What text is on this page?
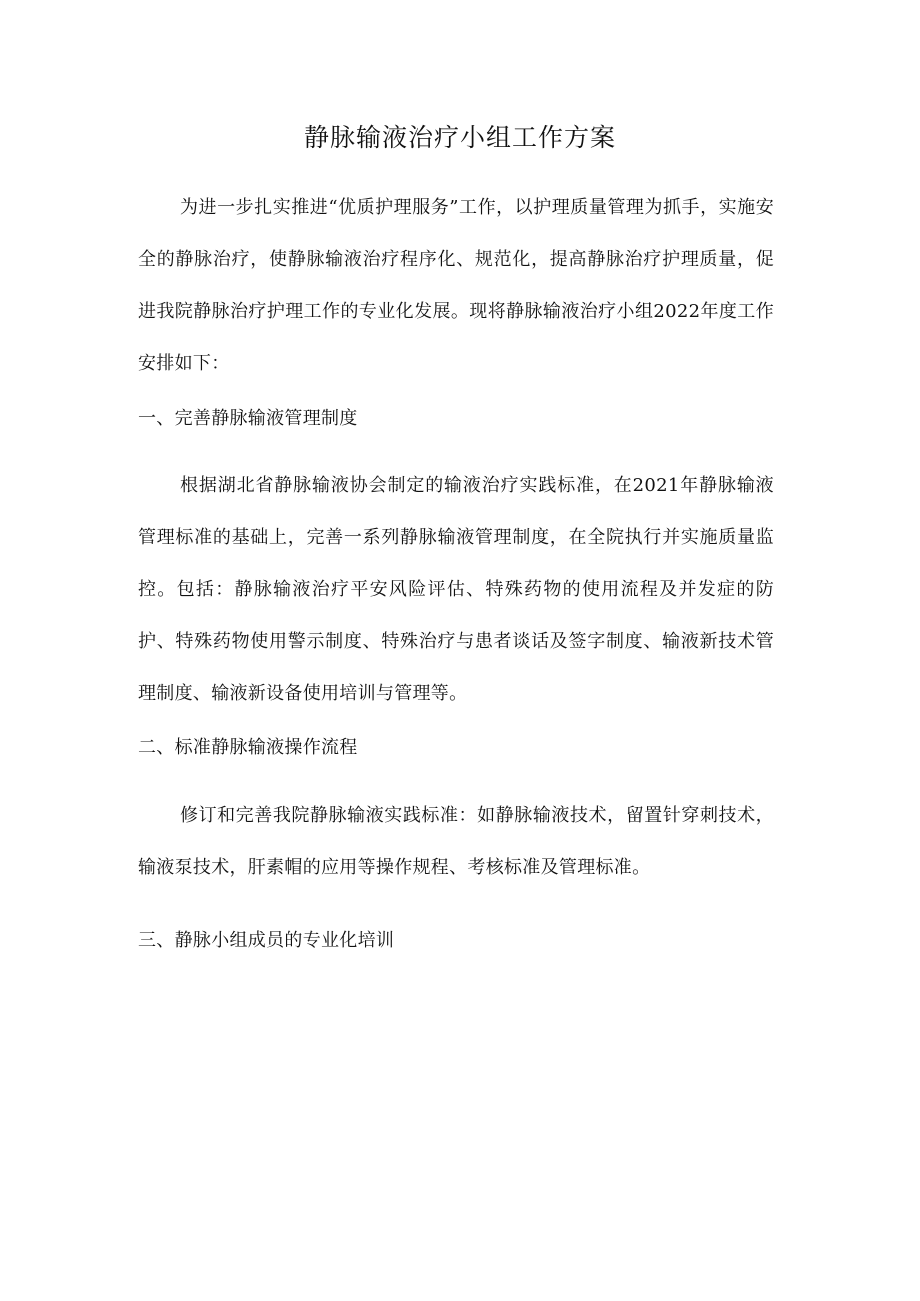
静脉输液治疗小组工作方案

为进一步扎实推进“优质护理服务”工作，以护理质量管理为抓手，实施安全的静脉治疗，使静脉输液治疗程序化、规范化，提高静脉治疗护理质量，促进我院静脉治疗护理工作的专业化发展。现将静脉输液治疗小组2022年度工作安排如下：

一、完善静脉输液管理制度

根据湖北省静脉输液协会制定的输液治疗实践标准，在2021年静脉输液管理标准的基础上，完善一系列静脉输液管理制度，在全院执行并实施质量监控。包括：静脉输液治疗平安风险评估、特殊药物的使用流程及并发症的防护、特殊药物使用警示制度、特殊治疗与患者谈话及签字制度、输液新技术管理制度、输液新设备使用培训与管理等。

二、标准静脉输液操作流程

修订和完善我院静脉输液实践标准：如静脉输液技术，留置针穿刺技术，输液泵技术，肝素帽的应用等操作规程、考核标准及管理标准。

三、静脉小组成员的专业化培训
